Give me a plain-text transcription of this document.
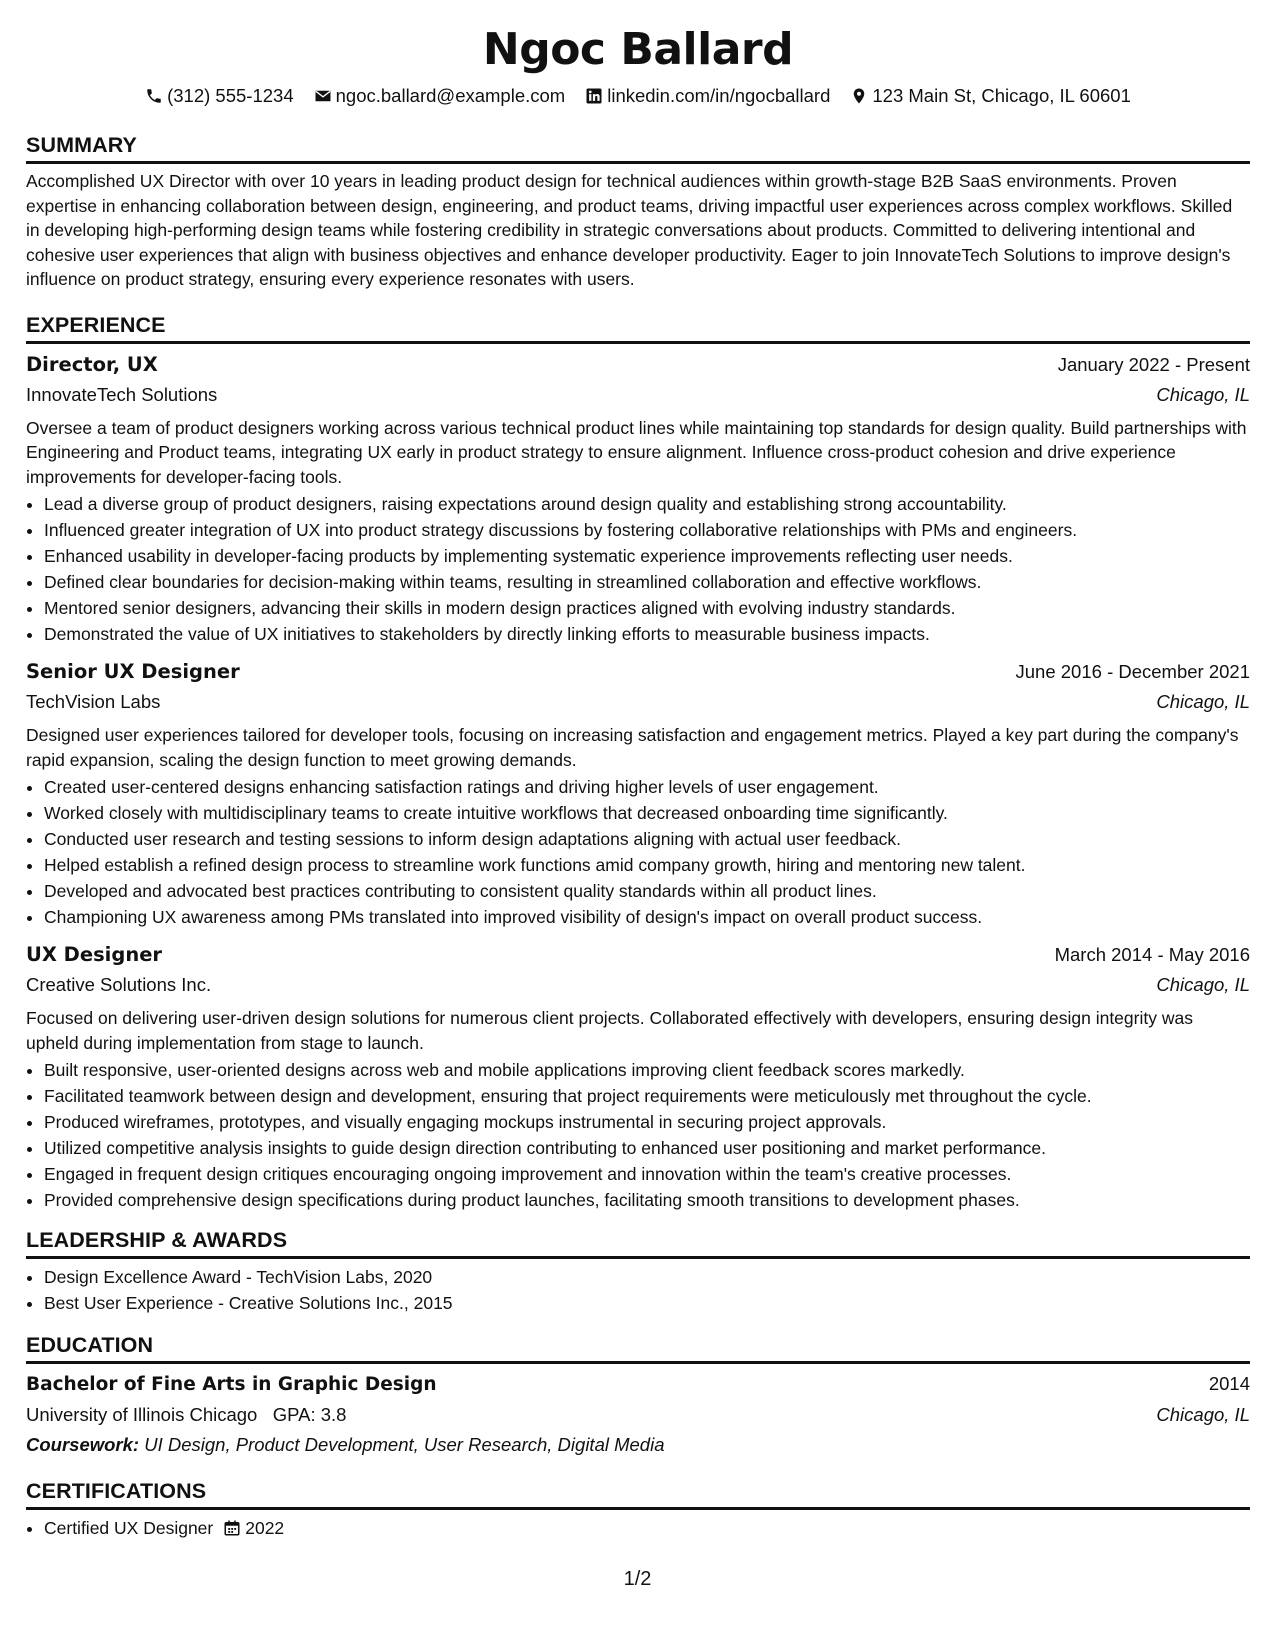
Ngoc Ballard
(312) 555-1234 ngoc.ballard@example.com linkedin.com/in/ngocballard 123 Main St, Chicago, IL 60601
SUMMARY
Accomplished UX Director with over 10 years in leading product design for technical audiences within growth-stage B2B SaaS environments. Proven expertise in enhancing collaboration between design, engineering, and product teams, driving impactful user experiences across complex workflows. Skilled in developing high-performing design teams while fostering credibility in strategic conversations about products. Committed to delivering intentional and cohesive user experiences that align with business objectives and enhance developer productivity. Eager to join InnovateTech Solutions to improve design's influence on product strategy, ensuring every experience resonates with users.
EXPERIENCE
Director, UX	January 2022 - Present
InnovateTech Solutions	Chicago, IL
Oversee a team of product designers working across various technical product lines while maintaining top standards for design quality. Build partnerships with Engineering and Product teams, integrating UX early in product strategy to ensure alignment. Influence cross-product cohesion and drive experience improvements for developer-facing tools.
• Lead a diverse group of product designers, raising expectations around design quality and establishing strong accountability.
• Influenced greater integration of UX into product strategy discussions by fostering collaborative relationships with PMs and engineers.
• Enhanced usability in developer-facing products by implementing systematic experience improvements reflecting user needs.
• Defined clear boundaries for decision-making within teams, resulting in streamlined collaboration and effective workflows.
• Mentored senior designers, advancing their skills in modern design practices aligned with evolving industry standards.
• Demonstrated the value of UX initiatives to stakeholders by directly linking efforts to measurable business impacts.
Senior UX Designer	June 2016 - December 2021
TechVision Labs	Chicago, IL
Designed user experiences tailored for developer tools, focusing on increasing satisfaction and engagement metrics. Played a key part during the company's rapid expansion, scaling the design function to meet growing demands.
• Created user-centered designs enhancing satisfaction ratings and driving higher levels of user engagement.
• Worked closely with multidisciplinary teams to create intuitive workflows that decreased onboarding time significantly.
• Conducted user research and testing sessions to inform design adaptations aligning with actual user feedback.
• Helped establish a refined design process to streamline work functions amid company growth, hiring and mentoring new talent.
• Developed and advocated best practices contributing to consistent quality standards within all product lines.
• Championing UX awareness among PMs translated into improved visibility of design's impact on overall product success.
UX Designer	March 2014 - May 2016
Creative Solutions Inc.	Chicago, IL
Focused on delivering user-driven design solutions for numerous client projects. Collaborated effectively with developers, ensuring design integrity was upheld during implementation from stage to launch.
• Built responsive, user-oriented designs across web and mobile applications improving client feedback scores markedly.
• Facilitated teamwork between design and development, ensuring that project requirements were meticulously met throughout the cycle.
• Produced wireframes, prototypes, and visually engaging mockups instrumental in securing project approvals.
• Utilized competitive analysis insights to guide design direction contributing to enhanced user positioning and market performance.
• Engaged in frequent design critiques encouraging ongoing improvement and innovation within the team's creative processes.
• Provided comprehensive design specifications during product launches, facilitating smooth transitions to development phases.
LEADERSHIP & AWARDS
• Design Excellence Award - TechVision Labs, 2020
• Best User Experience - Creative Solutions Inc., 2015
EDUCATION
Bachelor of Fine Arts in Graphic Design	2014
University of Illinois Chicago GPA: 3.8	Chicago, IL
Coursework: UI Design, Product Development, User Research, Digital Media
CERTIFICATIONS
• Certified UX Designer 2022
1/2
